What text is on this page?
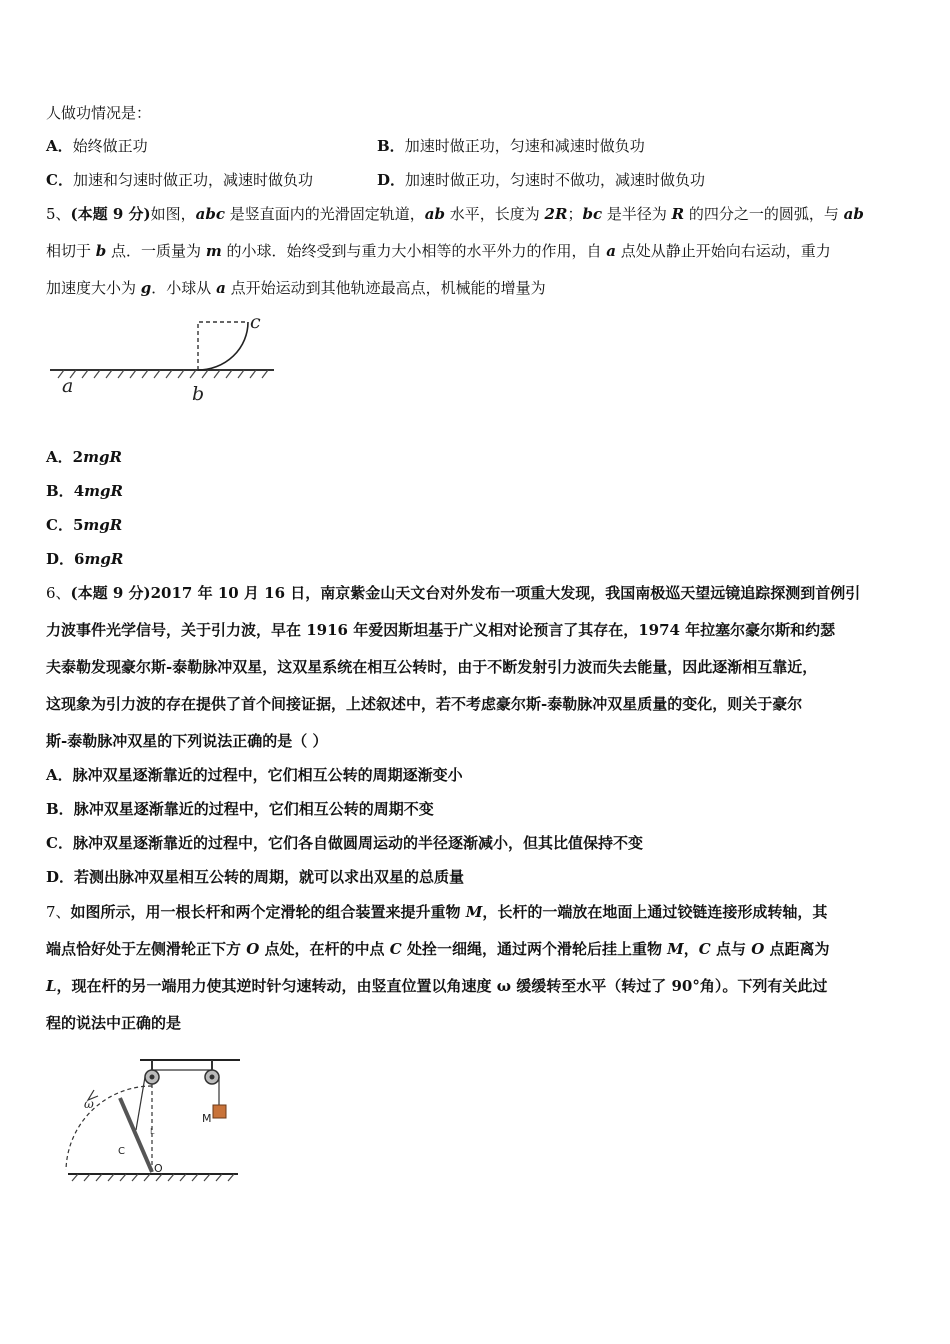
人做功情况是：
A．始终做正功	B．加速时做正功，匀速和减速时做负功
C．加速和匀速时做正功，减速时做负功	D．加速时做正功，匀速时不做功，减速时做负功
5、(本题 9 分)如图，abc 是竖直面内的光滑固定轨道，ab 水平，长度为 2R；bc 是半径为 R 的四分之一的圆弧，与 ab
相切于 b 点．一质量为 m 的小球．始终受到与重力大小相等的水平外力的作用，自 a 点处从静止开始向右运动，重力
加速度大小为 g．小球从 a 点开始运动到其他轨迹最高点，机械能的增量为
a	b
c
A．2mgR
B．4mgR
C．5mgR
D．6mgR
6、(本题 9 分)2017 年 10 月 16 日，南京紫金山天文台对外发布一项重大发现，我国南极巡天望远镜追踪探测到首例引
力波事件光学信号，关于引力波，早在 1916 年爱因斯坦基于广义相对论预言了其存在，1974 年拉塞尔豪尔斯和约瑟
夫泰勒发现豪尔斯-泰勒脉冲双星，这双星系统在相互公转时，由于不断发射引力波而失去能量，因此逐渐相互靠近，
这现象为引力波的存在提供了首个间接证据，上述叙述中，若不考虑豪尔斯-泰勒脉冲双星质量的变化，则关于豪尔
斯-泰勒脉冲双星的下列说法正确的是（ ）
A．脉冲双星逐渐靠近的过程中，它们相互公转的周期逐渐变小
B．脉冲双星逐渐靠近的过程中，它们相互公转的周期不变
C．脉冲双星逐渐靠近的过程中，它们各自做圆周运动的半径逐渐减小，但其比值保持不变
D．若测出脉冲双星相互公转的周期，就可以求出双星的总质量
7、如图所示，用一根长杆和两个定滑轮的组合装置来提升重物 M，长杆的一端放在地面上通过铰链连接形成转轴，其
端点恰好处于左侧滑轮正下方 O 点处，在杆的中点 C 处拴一细绳，通过两个滑轮后挂上重物 M，C 点与 O 点距离为
L，现在杆的另一端用力使其逆时针匀速转动，由竖直位置以角速度 ω 缓缓转至水平（转过了 90°角）。下列有关此过
程的说法中正确的是
ω
M
C
O
L
